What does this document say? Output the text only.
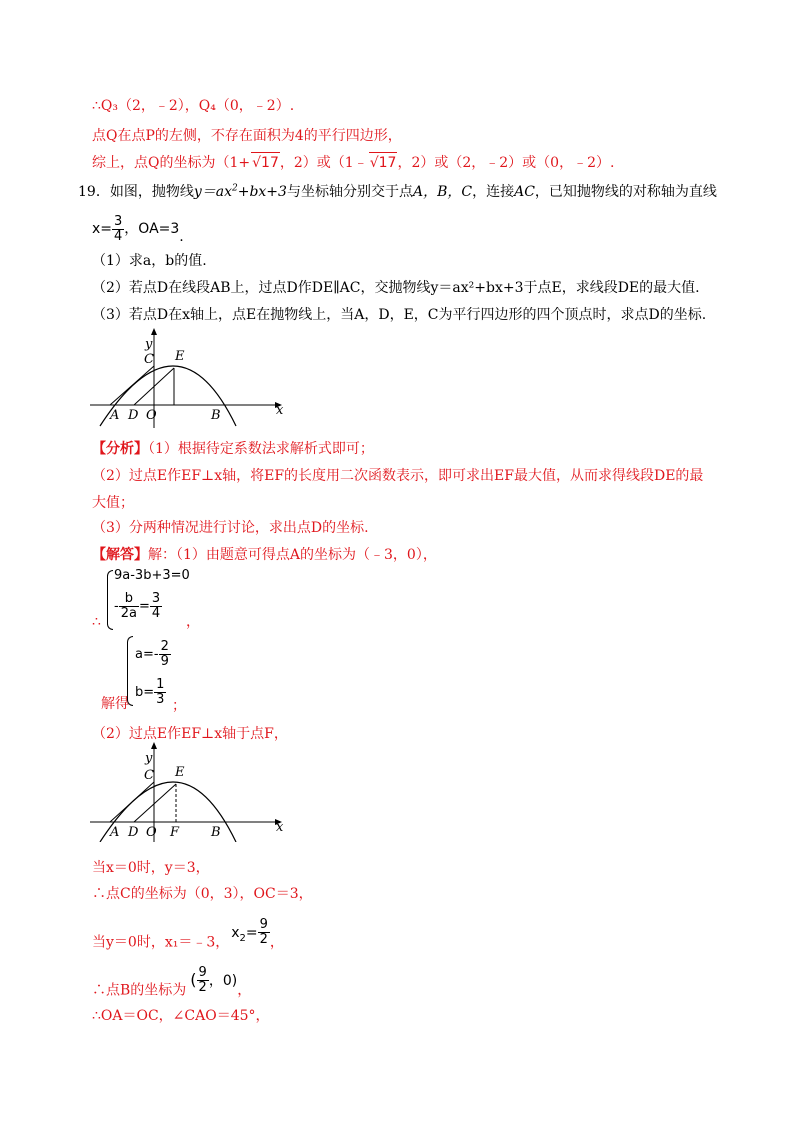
∴Q₃（2，﹣2），Q₄（0，﹣2）.
点Q在点P的左侧，不存在面积为4的平行四边形，
综上，点Q的坐标为（1+ √17，2）或（1﹣ √17，2）或（2，﹣2）或（0，﹣2）.
19．如图，抛物线$y=ax^2+bx+3$与坐标轴分别交于点A，B，C，连接AC，已知抛物线的对称轴为直线
$x= \frac{3}{4}$ ，OA=3.
（1）求a，b的值.
（2）若点D在线段AB上，过点D作DE∥AC，交抛物线y＝ax²+bx+3于点E，求线段DE的最大值.
（3）若点D在x轴上，点E在抛物线上，当A，D，E，C为平行四边形的四个顶点时，求点D的坐标.
y
x
C E
A D O	B
【分析】（1）根据待定系数法求解析式即可；
（2）过点E作EF⊥x轴，将EF的长度用二次函数表示，即可求出EF最大值，从而求得线段DE的最
大值；
（3）分两种情况进行讨论，求出点D的坐标.
【解答】解：（1）由题意可得点A的坐标为（﹣3，0），
∴
9a-3b+3=0
- $\frac{b}{2a} = \frac{3}{4}$
，
$a=- \frac{2}{9}$
$b= \frac{1}{3}$
解得	；
（2）过点E作EF⊥x轴于点F，
y
x
C E
A D O F B
当x＝0时，y＝3，
∴点C的坐标为（0，3），OC＝3，
当y＝0时，x₁＝﹣3，$x_2= \frac{9}{2}$ ，
∴点B的坐标为( $\frac{9}{2}$ ，0)，
∴OA＝OC，∠CAO＝45°，
